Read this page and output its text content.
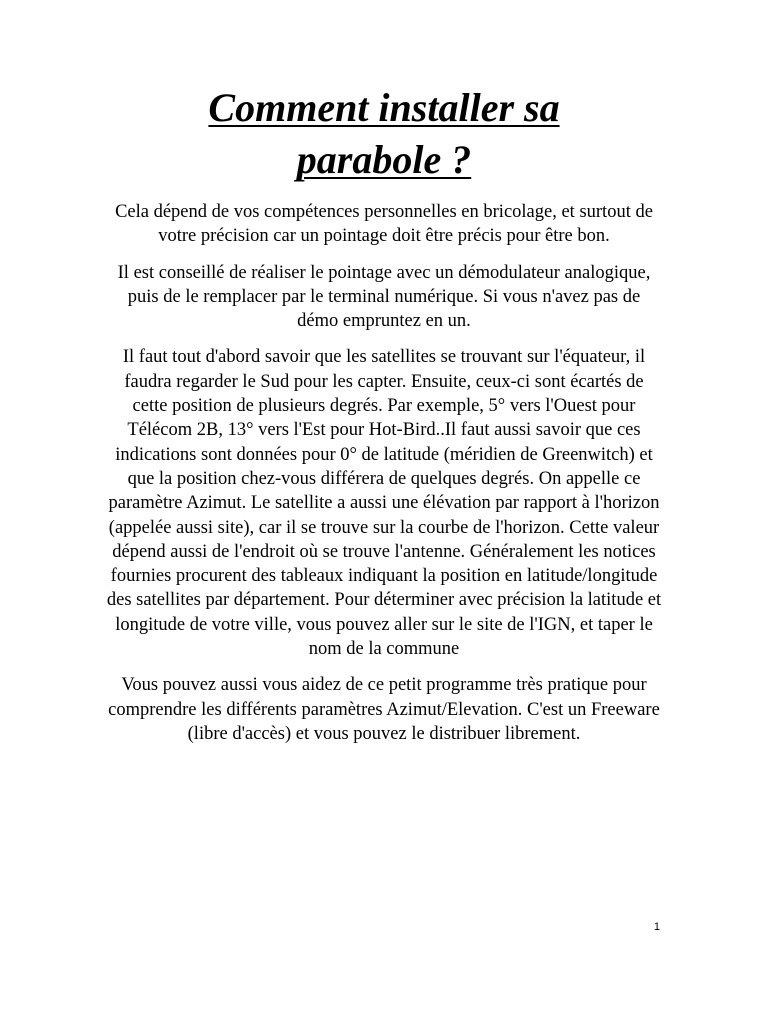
Comment installer sa
parabole ?

Cela dépend de vos compétences personnelles en bricolage, et surtout de votre précision car un pointage doit être précis pour être bon.

Il est conseillé de réaliser le pointage avec un démodulateur analogique, puis de le remplacer par le terminal numérique. Si vous n'avez pas de démo empruntez en un.

Il faut tout d'abord savoir que les satellites se trouvant sur l'équateur, il faudra regarder le Sud pour les capter. Ensuite, ceux-ci sont écartés de cette position de plusieurs degrés. Par exemple, 5° vers l'Ouest pour Télécom 2B, 13° vers l'Est pour Hot-Bird..Il faut aussi savoir que ces indications sont données pour 0° de latitude (méridien de Greenwitch) et que la position chez-vous différera de quelques degrés. On appelle ce paramètre Azimut. Le satellite a aussi une élévation par rapport à l'horizon (appelée aussi site), car il se trouve sur la courbe de l'horizon. Cette valeur dépend aussi de l'endroit où se trouve l'antenne. Généralement les notices fournies procurent des tableaux indiquant la position en latitude/longitude des satellites par département. Pour déterminer avec précision la latitude et longitude de votre ville, vous pouvez aller sur le site de l'IGN, et taper le nom de la commune

Vous pouvez aussi vous aidez de ce petit programme très pratique pour comprendre les différents paramètres Azimut/Elevation. C'est un Freeware (libre d'accès) et vous pouvez le distribuer librement.

1
